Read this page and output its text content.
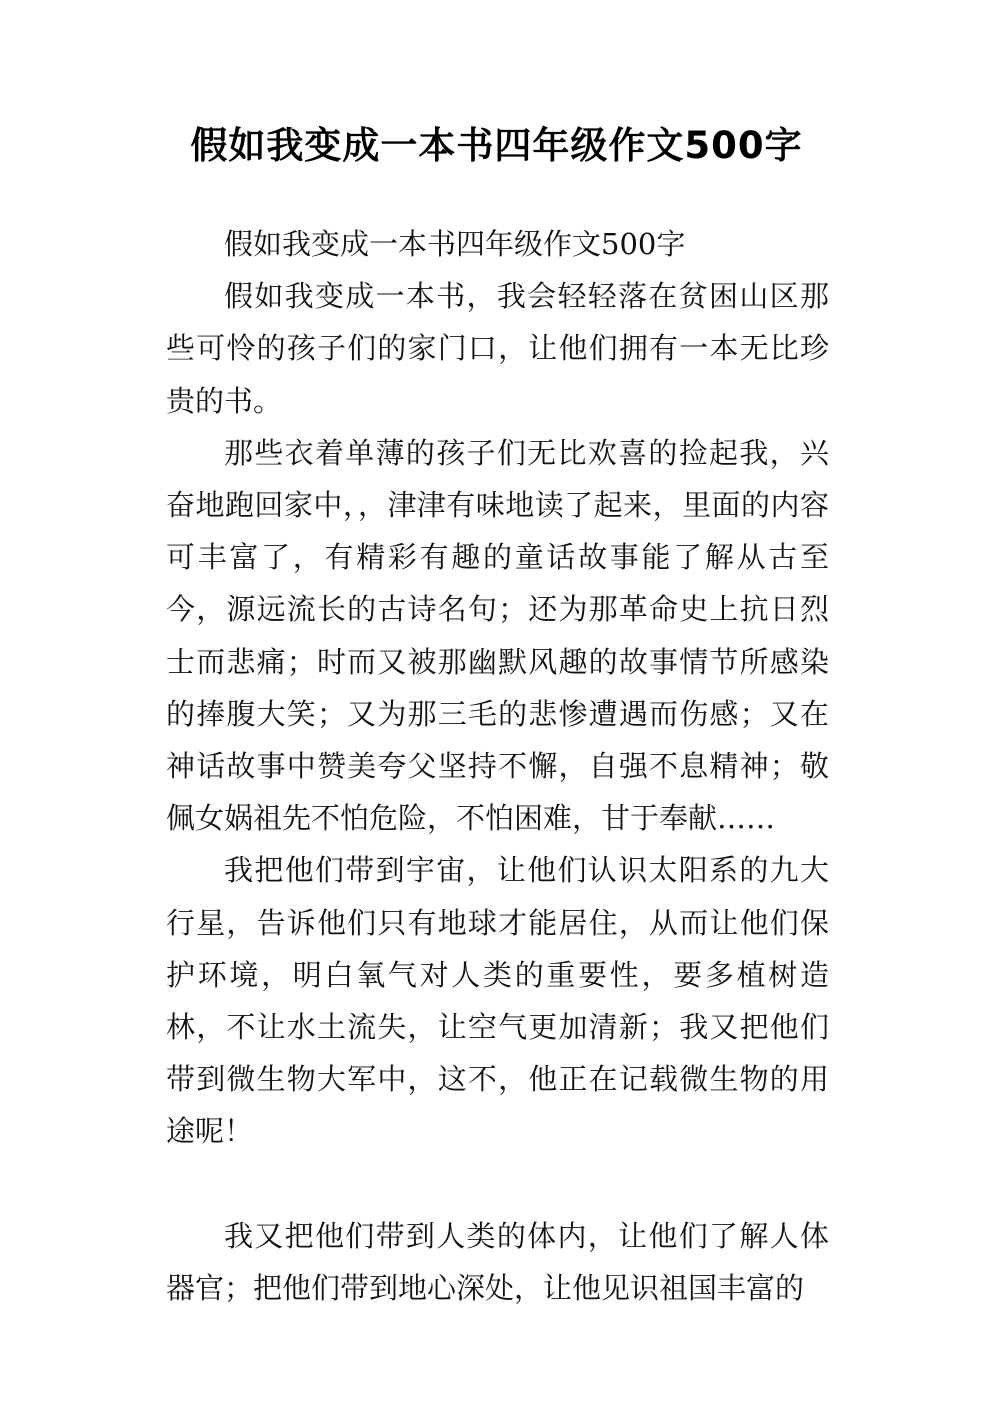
假如我变成一本书四年级作文500字

假如我变成一本书四年级作文500字

假如我变成一本书，我会轻轻落在贫困山区那些可怜的孩子们的家门口，让他们拥有一本无比珍贵的书。

那些衣着单薄的孩子们无比欢喜的捡起我，兴奋地跑回家中，，津津有味地读了起来，里面的内容可丰富了，有精彩有趣的童话故事能了解从古至今，源远流长的古诗名句；还为那革命史上抗日烈士而悲痛；时而又被那幽默风趣的故事情节所感染的捧腹大笑；又为那三毛的悲惨遭遇而伤感；又在神话故事中赞美夸父坚持不懈，自强不息精神；敬佩女娲祖先不怕危险，不怕困难，甘于奉献……

我把他们带到宇宙，让他们认识太阳系的九大行星，告诉他们只有地球才能居住，从而让他们保护环境，明白氧气对人类的重要性，要多植树造林，不让水土流失，让空气更加清新；我又把他们带到微生物大军中，这不，他正在记载微生物的用途呢！

我又把他们带到人类的体内，让他们了解人体器官；把他们带到地心深处，让他见识祖国丰富的
